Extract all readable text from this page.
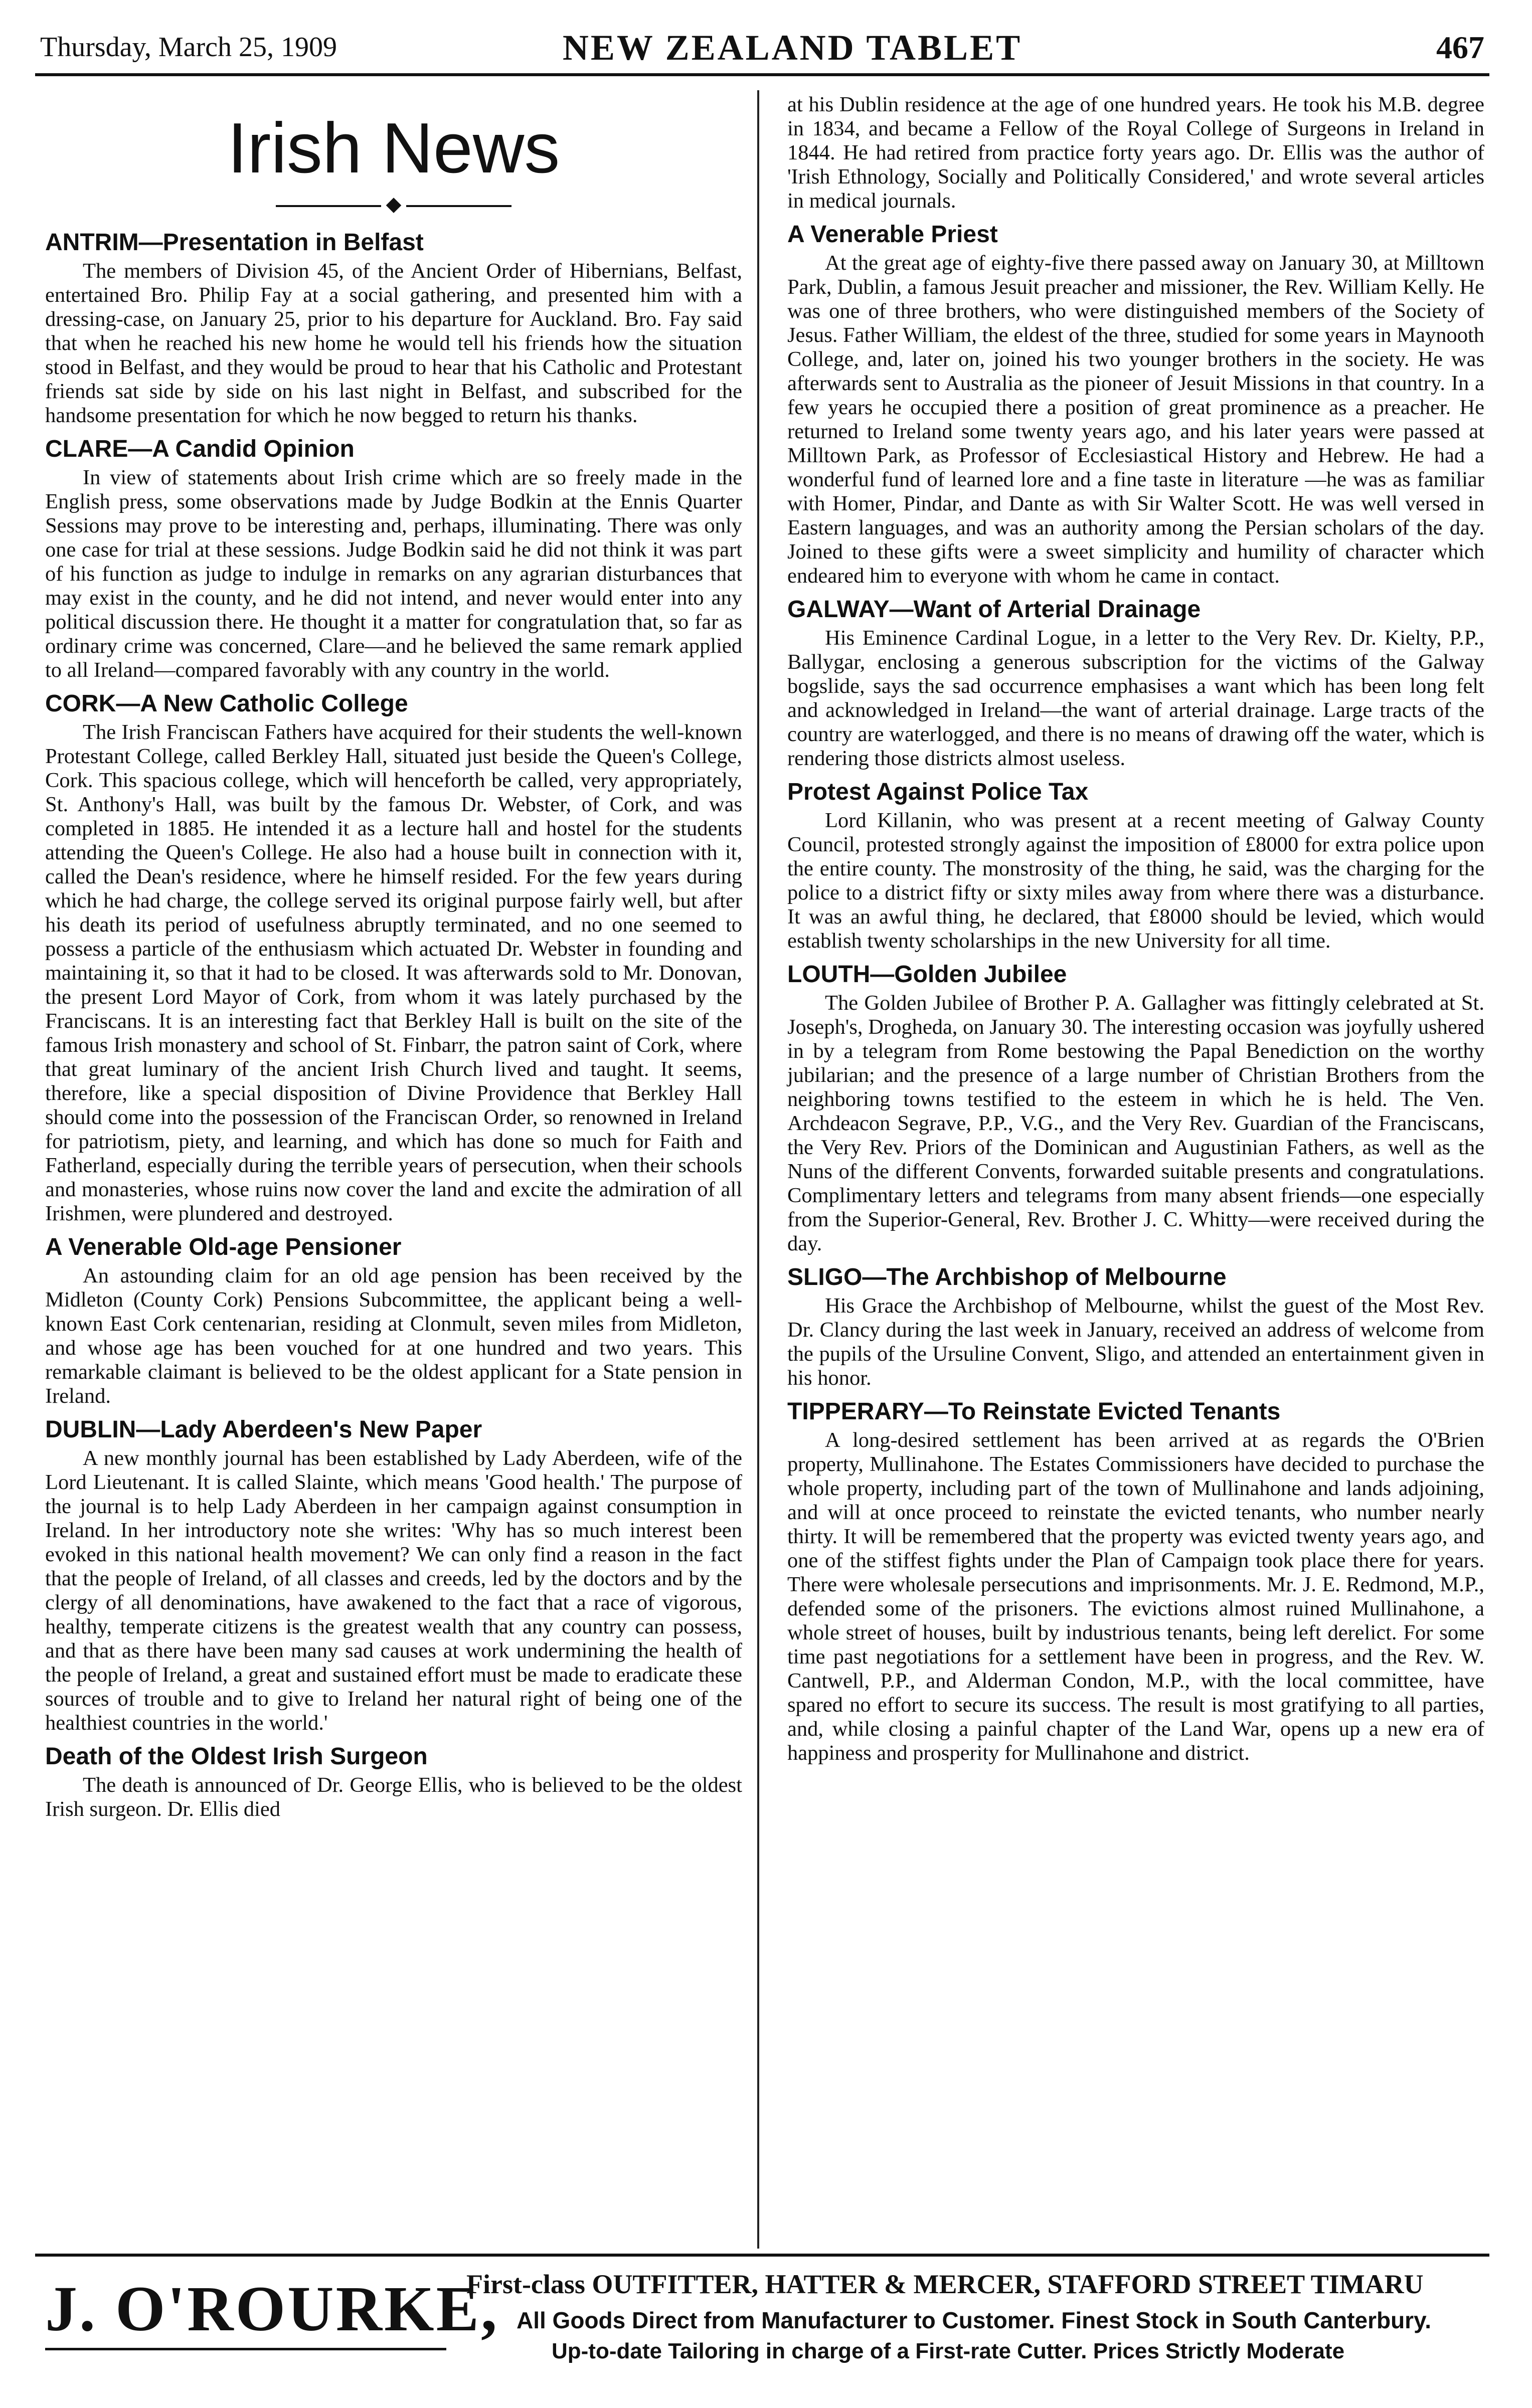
Thursday, March 25, 1909	NEW ZEALAND TABLET	467
Irish News
◆
ANTRIM—Presentation in Belfast

The members of Division 45, of the Ancient Order of Hibernians, Belfast, entertained Bro. Philip Fay at a social gathering, and presented him with a dressing-case, on January 25, prior to his departure for Auckland. Bro. Fay said that when he reached his new home he would tell his friends how the situation stood in Belfast, and they would be proud to hear that his Catholic and Protestant friends sat side by side on his last night in Belfast, and subscribed for the handsome presentation for which he now begged to return his thanks.

CLARE—A Candid Opinion

In view of statements about Irish crime which are so freely made in the English press, some observations made by Judge Bodkin at the Ennis Quarter Sessions may prove to be interesting and, perhaps, illuminating. There was only one case for trial at these sessions. Judge Bodkin said he did not think it was part of his function as judge to indulge in remarks on any agrarian disturbances that may exist in the county, and he did not intend, and never would enter into any political discussion there. He thought it a matter for congratulation that, so far as ordinary crime was concerned, Clare—and he believed the same remark applied to all Ireland—compared favorably with any country in the world.

CORK—A New Catholic College

The Irish Franciscan Fathers have acquired for their students the well-known Protestant College, called Berkley Hall, situated just beside the Queen's College, Cork. This spacious college, which will henceforth be called, very appropriately, St. Anthony's Hall, was built by the famous Dr. Webster, of Cork, and was completed in 1885. He intended it as a lecture hall and hostel for the students attending the Queen's College. He also had a house built in connection with it, called the Dean's residence, where he himself resided. For the few years during which he had charge, the college served its original purpose fairly well, but after his death its period of usefulness abruptly terminated, and no one seemed to possess a particle of the enthusiasm which actuated Dr. Webster in founding and maintaining it, so that it had to be closed. It was afterwards sold to Mr. Donovan, the present Lord Mayor of Cork, from whom it was lately purchased by the Franciscans. It is an interesting fact that Berkley Hall is built on the site of the famous Irish monastery and school of St. Finbarr, the patron saint of Cork, where that great luminary of the ancient Irish Church lived and taught. It seems, therefore, like a special disposition of Divine Providence that Berkley Hall should come into the possession of the Franciscan Order, so renowned in Ireland for patriotism, piety, and learning, and which has done so much for Faith and Fatherland, especially during the terrible years of persecution, when their schools and monasteries, whose ruins now cover the land and excite the admiration of all Irishmen, were plundered and destroyed.

A Venerable Old-age Pensioner

An astounding claim for an old age pension has been received by the Midleton (County Cork) Pensions Subcommittee, the applicant being a well-known East Cork centenarian, residing at Clonmult, seven miles from Midleton, and whose age has been vouched for at one hundred and two years. This remarkable claimant is believed to be the oldest applicant for a State pension in Ireland.

DUBLIN—Lady Aberdeen's New Paper

A new monthly journal has been established by Lady Aberdeen, wife of the Lord Lieutenant. It is called Slainte, which means 'Good health.' The purpose of the journal is to help Lady Aberdeen in her campaign against consumption in Ireland. In her introductory note she writes: 'Why has so much interest been evoked in this national health movement? We can only find a reason in the fact that the people of Ireland, of all classes and creeds, led by the doctors and by the clergy of all denominations, have awakened to the fact that a race of vigorous, healthy, temperate citizens is the greatest wealth that any country can possess, and that as there have been many sad causes at work undermining the health of the people of Ireland, a great and sustained effort must be made to eradicate these sources of trouble and to give to Ireland her natural right of being one of the healthiest countries in the world.'

Death of the Oldest Irish Surgeon

The death is announced of Dr. George Ellis, who is believed to be the oldest Irish surgeon. Dr. Ellis died

at his Dublin residence at the age of one hundred years. He took his M.B. degree in 1834, and became a Fellow of the Royal College of Surgeons in Ireland in 1844. He had retired from practice forty years ago. Dr. Ellis was the author of 'Irish Ethnology, Socially and Politically Considered,' and wrote several articles in medical journals.

A Venerable Priest

At the great age of eighty-five there passed away on January 30, at Milltown Park, Dublin, a famous Jesuit preacher and missioner, the Rev. William Kelly. He was one of three brothers, who were distinguished members of the Society of Jesus. Father William, the eldest of the three, studied for some years in Maynooth College, and, later on, joined his two younger brothers in the society. He was afterwards sent to Australia as the pioneer of Jesuit Missions in that country. In a few years he occupied there a position of great prominence as a preacher. He returned to Ireland some twenty years ago, and his later years were passed at Milltown Park, as Professor of Ecclesiastical History and Hebrew. He had a wonderful fund of learned lore and a fine taste in literature —he was as familiar with Homer, Pindar, and Dante as with Sir Walter Scott. He was well versed in Eastern languages, and was an authority among the Persian scholars of the day. Joined to these gifts were a sweet simplicity and humility of character which endeared him to everyone with whom he came in contact.

GALWAY—Want of Arterial Drainage

His Eminence Cardinal Logue, in a letter to the Very Rev. Dr. Kielty, P.P., Ballygar, enclosing a generous subscription for the victims of the Galway bogslide, says the sad occurrence emphasises a want which has been long felt and acknowledged in Ireland—the want of arterial drainage. Large tracts of the country are waterlogged, and there is no means of drawing off the water, which is rendering those districts almost useless.

Protest Against Police Tax

Lord Killanin, who was present at a recent meeting of Galway County Council, protested strongly against the imposition of £8000 for extra police upon the entire county. The monstrosity of the thing, he said, was the charging for the police to a district fifty or sixty miles away from where there was a disturbance. It was an awful thing, he declared, that £8000 should be levied, which would establish twenty scholarships in the new University for all time.

LOUTH—Golden Jubilee

The Golden Jubilee of Brother P. A. Gallagher was fittingly celebrated at St. Joseph's, Drogheda, on January 30. The interesting occasion was joyfully ushered in by a telegram from Rome bestowing the Papal Benediction on the worthy jubilarian; and the presence of a large number of Christian Brothers from the neighboring towns testified to the esteem in which he is held. The Ven. Archdeacon Segrave, P.P., V.G., and the Very Rev. Guardian of the Franciscans, the Very Rev. Priors of the Dominican and Augustinian Fathers, as well as the Nuns of the different Convents, forwarded suitable presents and congratulations. Complimentary letters and telegrams from many absent friends—one especially from the Superior-General, Rev. Brother J. C. Whitty—were received during the day.

SLIGO—The Archbishop of Melbourne

His Grace the Archbishop of Melbourne, whilst the guest of the Most Rev. Dr. Clancy during the last week in January, received an address of welcome from the pupils of the Ursuline Convent, Sligo, and attended an entertainment given in his honor.

TIPPERARY—To Reinstate Evicted Tenants

A long-desired settlement has been arrived at as regards the O'Brien property, Mullinahone. The Estates Commissioners have decided to purchase the whole property, including part of the town of Mullinahone and lands adjoining, and will at once proceed to reinstate the evicted tenants, who number nearly thirty. It will be remembered that the property was evicted twenty years ago, and one of the stiffest fights under the Plan of Campaign took place there for years. There were wholesale persecutions and imprisonments. Mr. J. E. Redmond, M.P., defended some of the prisoners. The evictions almost ruined Mullinahone, a whole street of houses, built by industrious tenants, being left derelict. For some time past negotiations for a settlement have been in progress, and the Rev. W. Cantwell, P.P., and Alderman Condon, M.P., with the local committee, have spared no effort to secure its success. The result is most gratifying to all parties, and, while closing a painful chapter of the Land War, opens up a new era of happiness and prosperity for Mullinahone and district.

J. O'ROURKE,
First-class OUTFITTER, HATTER & MERCER, STAFFORD STREET TIMARU
All Goods Direct from Manufacturer to Customer. Finest Stock in South Canterbury.
Up-to-date Tailoring in charge of a First-rate Cutter. Prices Strictly Moderate
